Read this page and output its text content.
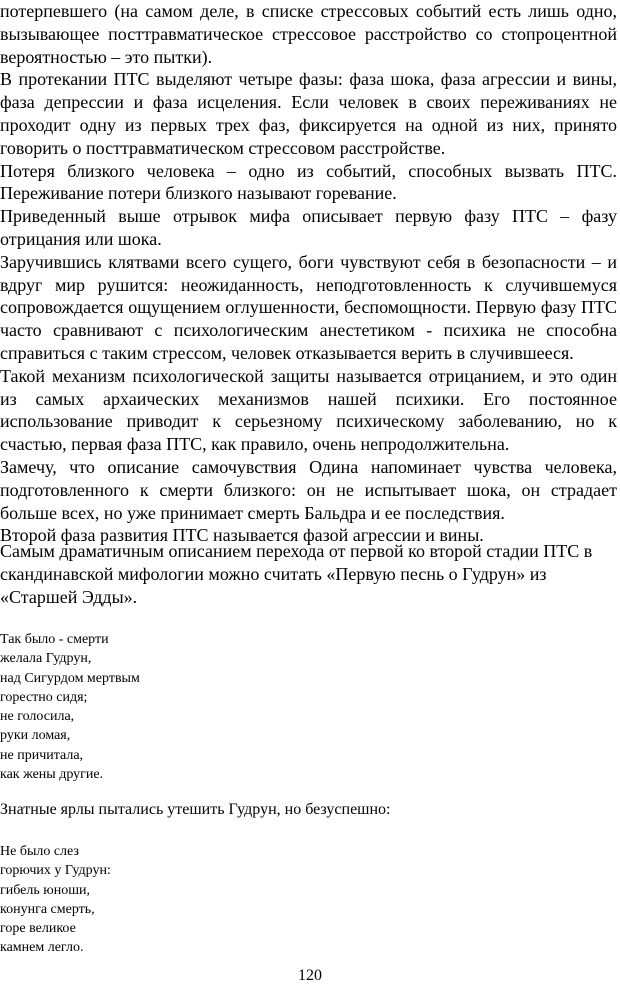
потерпевшего (на самом деле, в списке стрессовых событий есть лишь одно, вызывающее посттравматическое стрессовое расстройство со стопроцентной вероятностью – это пытки).

В протекании ПТС выделяют четыре фазы: фаза шока, фаза агрессии и вины, фаза депрессии и фаза исцеления. Если человек в своих переживаниях не проходит одну из первых трех фаз, фиксируется на одной из них, принято говорить о посттравматическом стрессовом расстройстве.

Потеря близкого человека – одно из событий, способных вызвать ПТС. Переживание потери близкого называют горевание.

Приведенный выше отрывок мифа описывает первую фазу ПТС – фазу отрицания или шока.

Заручившись клятвами всего сущего, боги чувствуют себя в безопасности – и вдруг мир рушится: неожиданность, неподготовленность к случившемуся сопровождается ощущением оглушенности, беспомощности. Первую фазу ПТС часто сравнивают с психологическим анестетиком - психика не способна справиться с таким стрессом, человек отказывается верить в случившееся.

Такой механизм психологической защиты называется отрицанием, и это один из самых архаических механизмов нашей психики. Его постоянное использование приводит к серьезному психическому заболеванию, но к счастью, первая фаза ПТС, как правило, очень непродолжительна.

Замечу, что описание самочувствия Одина напоминает чувства человека, подготовленного к смерти близкого: он не испытывает шока, он страдает больше всех, но уже принимает смерть Бальдра и ее последствия.

Второй фаза развития ПТС называется фазой агрессии и вины.

Самым драматичным описанием перехода от первой ко второй стадии ПТС в скандинавской мифологии можно считать «Первую песнь о Гудрун» из «Старшей Эдды».

Так было - смерти
желала Гудрун,
над Сигурдом мертвым
горестно сидя;
не голосила,
руки ломая,
не причитала,
как жены другие.

Знатные ярлы пытались утешить Гудрун, но безуспешно:

Не было слез
горючих у Гудрун:
гибель юноши,
конунга смерть,
горе великое
камнем легло.
120
